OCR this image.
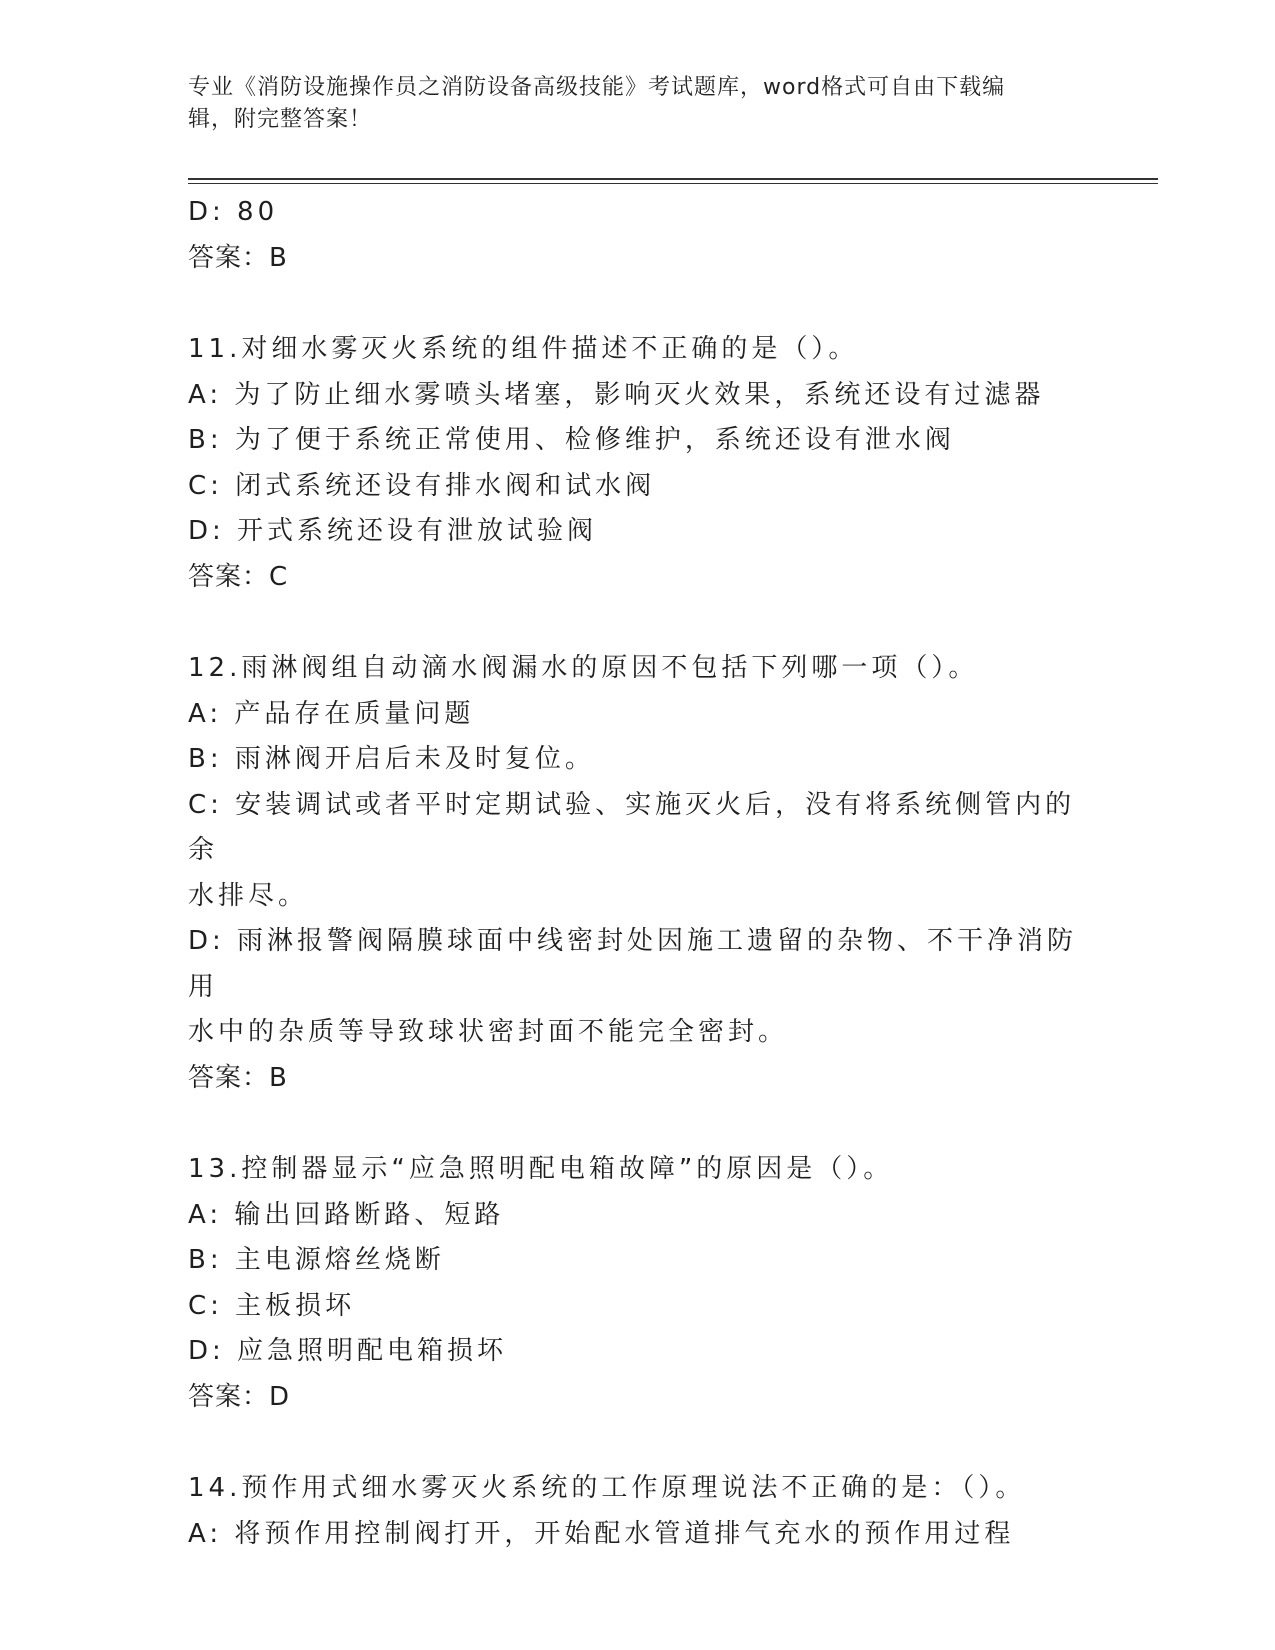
专业《消防设施操作员之消防设备高级技能》考试题库，word格式可自由下载编
辑，附完整答案！
D: 80
答案：B
11.对细水雾灭火系统的组件描述不正确的是（）。
A: 为了防止细水雾喷头堵塞，影响灭火效果，系统还设有过滤器
B: 为了便于系统正常使用、检修维护，系统还设有泄水阀
C: 闭式系统还设有排水阀和试水阀
D: 开式系统还设有泄放试验阀
答案：C
12.雨淋阀组自动滴水阀漏水的原因不包括下列哪一项（）。
A: 产品存在质量问题
B: 雨淋阀开启后未及时复位。
C: 安装调试或者平时定期试验、实施灭火后，没有将系统侧管内的余
水排尽。
D: 雨淋报警阀隔膜球面中线密封处因施工遗留的杂物、不干净消防用
水中的杂质等导致球状密封面不能完全密封。
答案：B
13.控制器显示“应急照明配电箱故障”的原因是（）。
A: 输出回路断路、短路
B: 主电源熔丝烧断
C: 主板损坏
D: 应急照明配电箱损坏
答案：D
14.预作用式细水雾灭火系统的工作原理说法不正确的是：（）。
A: 将预作用控制阀打开，开始配水管道排气充水的预作用过程
